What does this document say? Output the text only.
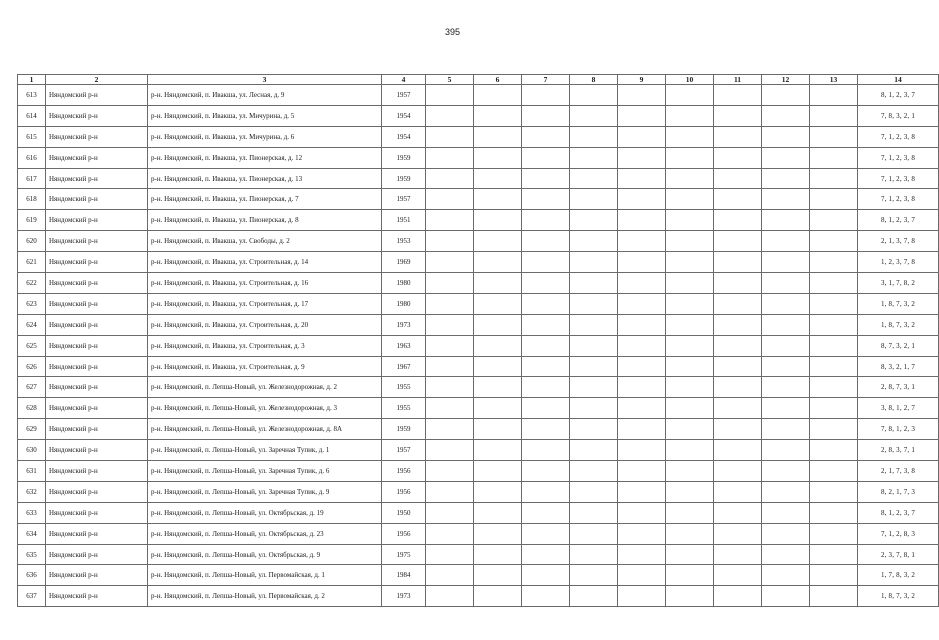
395
1	2	3	4	5	6	7	8	9	10	11	12	13	14
613	Няндомский р-н	р-н. Няндомский, п. Ивакша, ул. Лесная, д. 9	1957										8, 1, 2, 3, 7
614	Няндомский р-н	р-н. Няндомский, п. Ивакша, ул. Мичурина, д. 5	1954										7, 8, 3, 2, 1
615	Няндомский р-н	р-н. Няндомский, п. Ивакша, ул. Мичурина, д. 6	1954										7, 1, 2, 3, 8
616	Няндомский р-н	р-н. Няндомский, п. Ивакша, ул. Пионерская, д. 12	1959										7, 1, 2, 3, 8
617	Няндомский р-н	р-н. Няндомский, п. Ивакша, ул. Пионерская, д. 13	1959										7, 1, 2, 3, 8
618	Няндомский р-н	р-н. Няндомский, п. Ивакша, ул. Пионерская, д. 7	1957										7, 1, 2, 3, 8
619	Няндомский р-н	р-н. Няндомский, п. Ивакша, ул. Пионерская, д. 8	1951										8, 1, 2, 3, 7
620	Няндомский р-н	р-н. Няндомский, п. Ивакша, ул. Свободы, д. 2	1953										2, 1, 3, 7, 8
621	Няндомский р-н	р-н. Няндомский, п. Ивакша, ул. Строительная, д. 14	1969										1, 2, 3, 7, 8
622	Няндомский р-н	р-н. Няндомский, п. Ивакша, ул. Строительная, д. 16	1980										3, 1, 7, 8, 2
623	Няндомский р-н	р-н. Няндомский, п. Ивакша, ул. Строительная, д. 17	1980										1, 8, 7, 3, 2
624	Няндомский р-н	р-н. Няндомский, п. Ивакша, ул. Строительная, д. 20	1973										1, 8, 7, 3, 2
625	Няндомский р-н	р-н. Няндомский, п. Ивакша, ул. Строительная, д. 3	1963										8, 7, 3, 2, 1
626	Няндомский р-н	р-н. Няндомский, п. Ивакша, ул. Строительная, д. 9	1967										8, 3, 2, 1, 7
627	Няндомский р-н	р-н. Няндомский, п. Лепша-Новый, ул. Железнодорожная, д. 2	1955										2, 8, 7, 3, 1
628	Няндомский р-н	р-н. Няндомский, п. Лепша-Новый, ул. Железнодорожная, д. 3	1955										3, 8, 1, 2, 7
629	Няндомский р-н	р-н. Няндомский, п. Лепша-Новый, ул. Железнодорожная, д. 8А	1959										7, 8, 1, 2, 3
630	Няндомский р-н	р-н. Няндомский, п. Лепша-Новый, ул. Заречная Тупик, д. 1	1957										2, 8, 3, 7, 1
631	Няндомский р-н	р-н. Няндомский, п. Лепша-Новый, ул. Заречная Тупик, д. 6	1956										2, 1, 7, 3, 8
632	Няндомский р-н	р-н. Няндомский, п. Лепша-Новый, ул. Заречная Тупик, д. 9	1956										8, 2, 1, 7, 3
633	Няндомский р-н	р-н. Няндомский, п. Лепша-Новый, ул. Октябрьская, д. 19	1950										8, 1, 2, 3, 7
634	Няндомский р-н	р-н. Няндомский, п. Лепша-Новый, ул. Октябрьская, д. 23	1956										7, 1, 2, 8, 3
635	Няндомский р-н	р-н. Няндомский, п. Лепша-Новый, ул. Октябрьская, д. 9	1975										2, 3, 7, 8, 1
636	Няндомский р-н	р-н. Няндомский, п. Лепша-Новый, ул. Первомайская, д. 1	1984										1, 7, 8, 3, 2
637	Няндомский р-н	р-н. Няндомский, п. Лепша-Новый, ул. Первомайская, д. 2	1973										1, 8, 7, 3, 2
